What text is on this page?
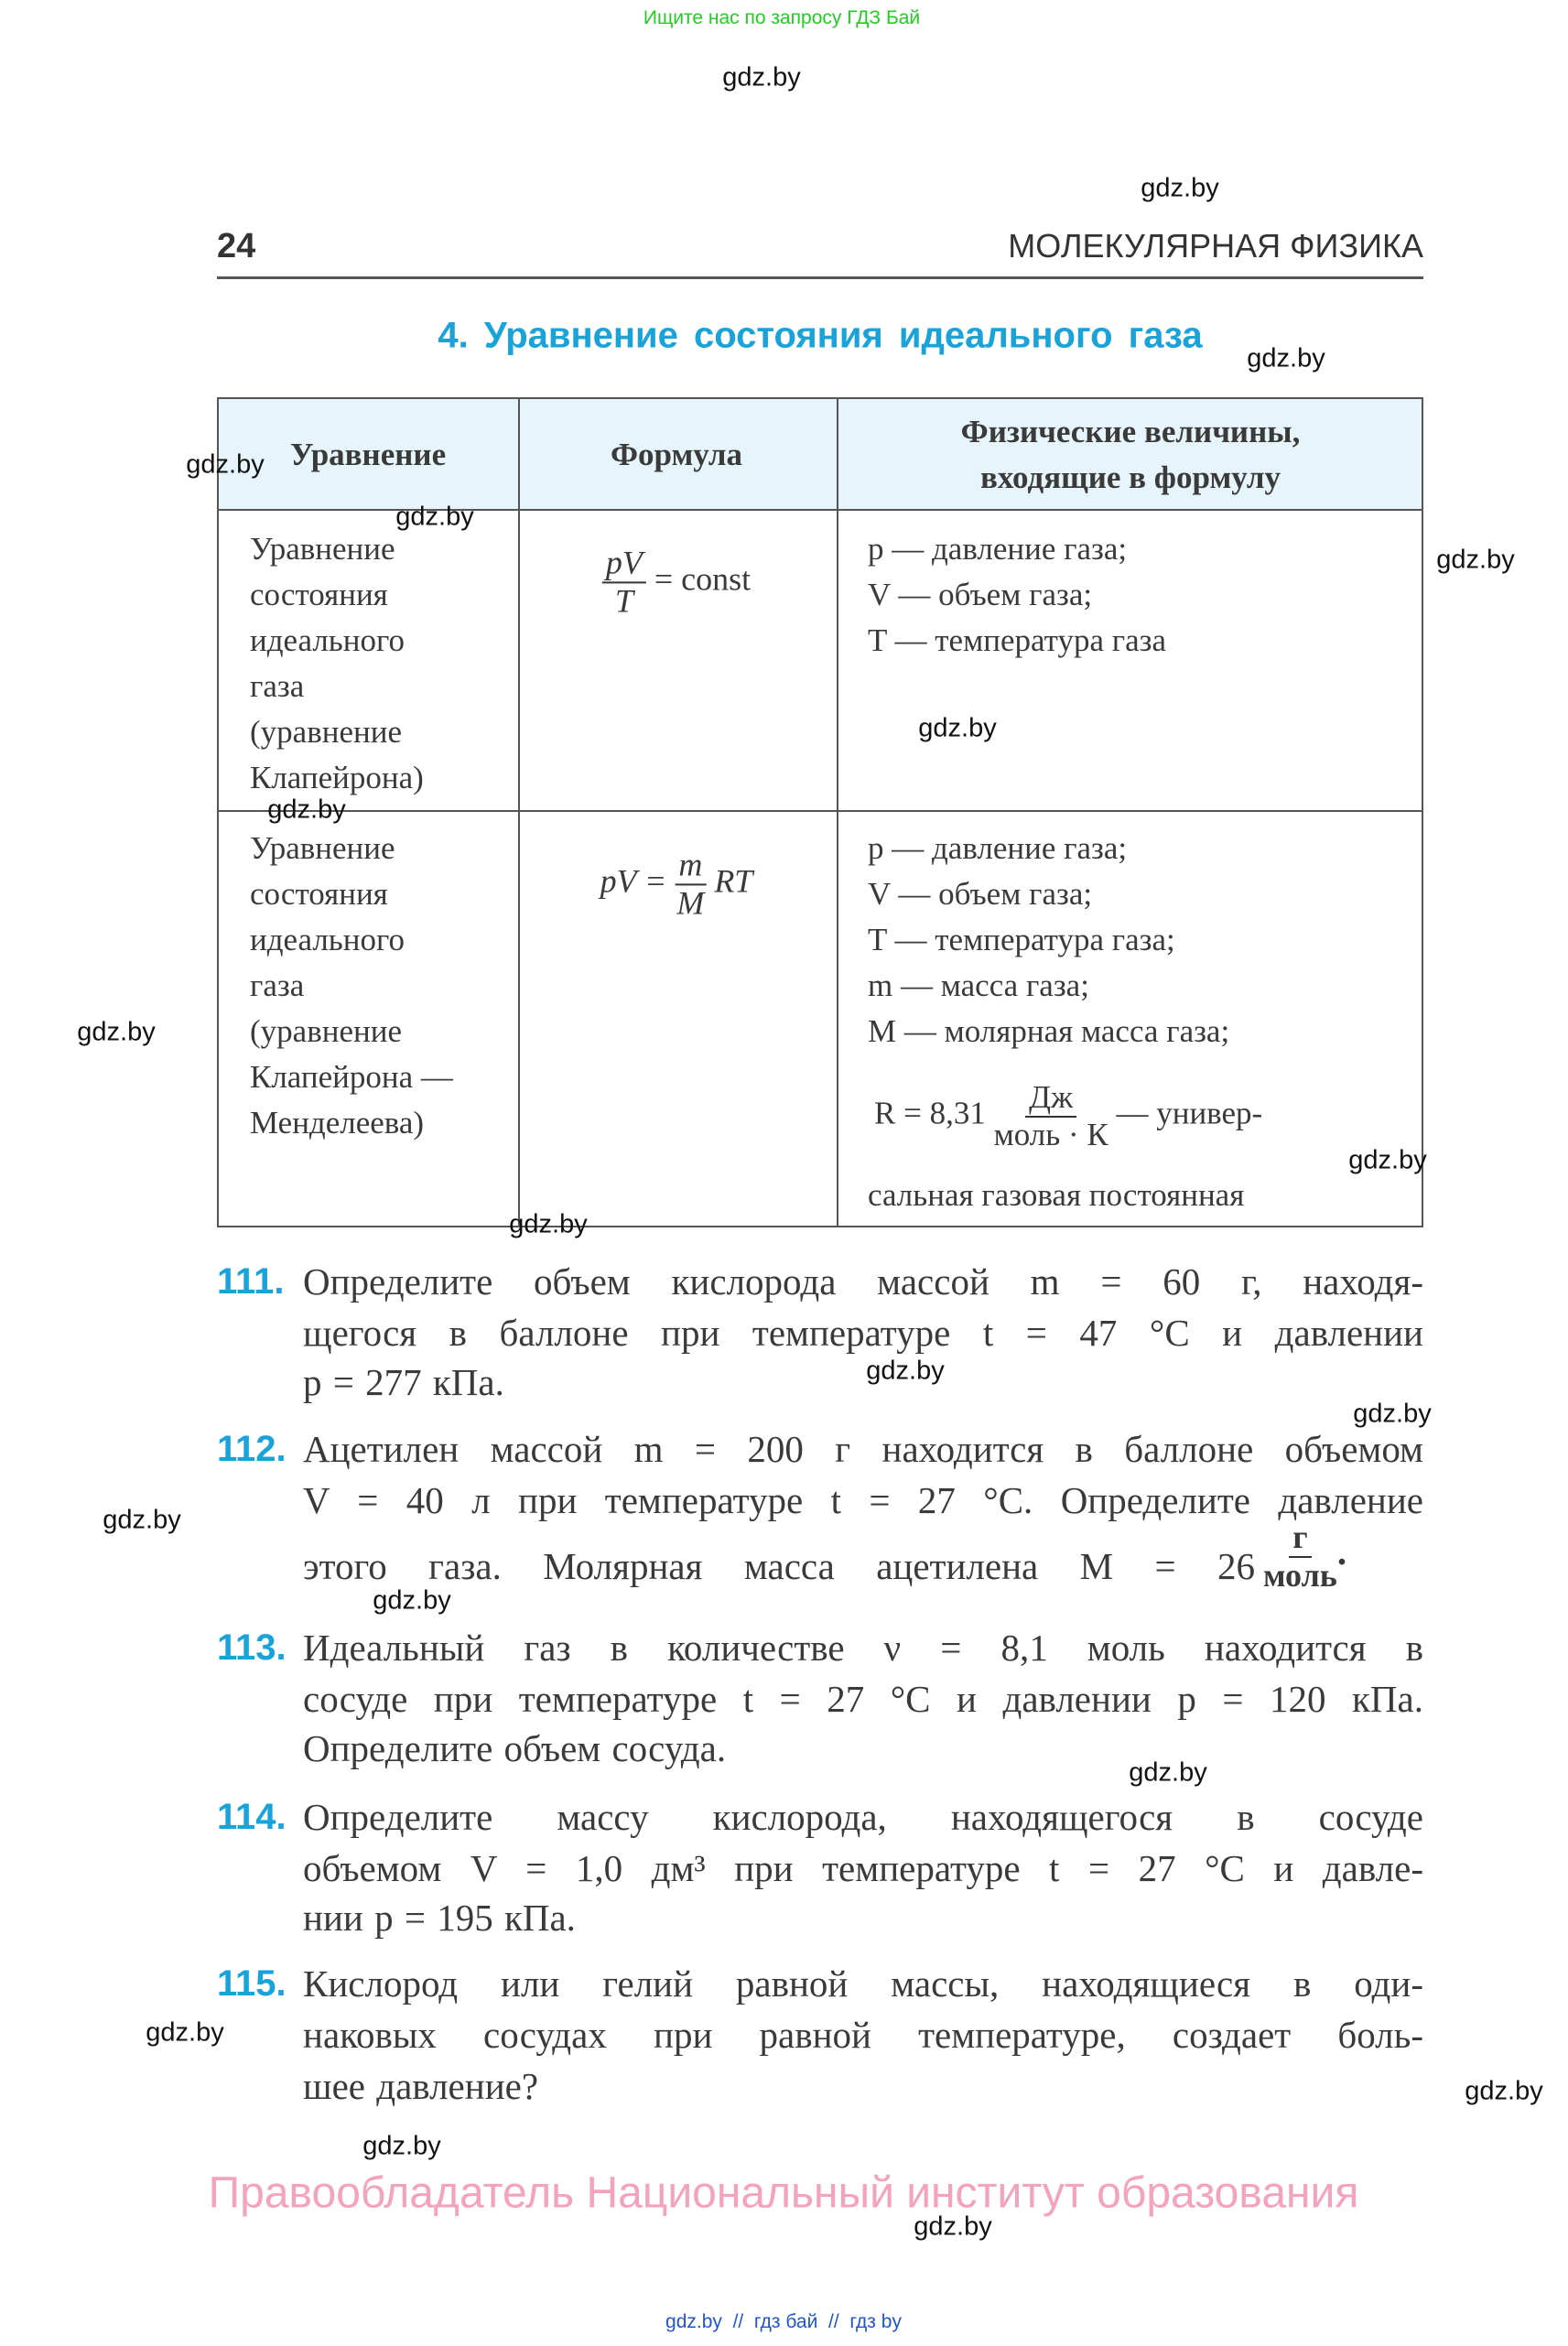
Ищите нас по запросу ГДЗ Бай
24	МОЛЕКУЛЯРНАЯ ФИЗИКА
4. Уравнение состояния идеального газа
Уравнение	Формула
Физические величины,
входящие в формулу
Уравнение
состояния
идеального
газа
(уравнение
Клапейрона)
$\frac{pV}{T}$ = const
p — давление газа;
V — объем газа;
T — температура газа
Уравнение
состояния
идеального
газа
(уравнение
Клапейрона —
Менделеева)
pV = $\frac{m}{M}$ RT
p — давление газа;
V — объем газа;
T — температура газа;
m — масса газа;
M — молярная масса газа;
$R = 8,31 \frac{Дж}{\text{моль · К}}$ — универ-
сальная газовая постоянная
111. Определите объем кислорода массой m = 60 г, находя-
щегося в баллоне при температуре t = 47 °С и давлении
p = 277 кПа.
112. Ацетилен массой m = 200 г находится в баллоне объемом
V = 40 л при температуре t = 27 °С. Определите давление
этого газа. Молярная масса ацетилена $M = 26 \frac{г}{\text{моль}}$ .
113. Идеальный газ в количестве ν = 8,1 моль находится в
сосуде при температуре t = 27 °С и давлении p = 120 кПа.
Определите объем сосуда.
114. Определите массу кислорода, находящегося в сосуде
объемом V = 1,0 дм³ при температуре t = 27 °С и давле-
нии p = 195 кПа.
115. Кислород или гелий равной массы, находящиеся в оди-
наковых сосудах при равной температуре, создает боль-
шее давление?
Правообладатель Национальный институт образования
gdz.by  //  гдз бай  //  гдз by
gdz.by
gdz.by
gdz.by
gdz.by
gdz.by
gdz.by
gdz.by
gdz.by
gdz.by
gdz.by
gdz.by
gdz.by
gdz.by
gdz.by
gdz.by
gdz.by
gdz.by
gdz.by
gdz.by
gdz.by
